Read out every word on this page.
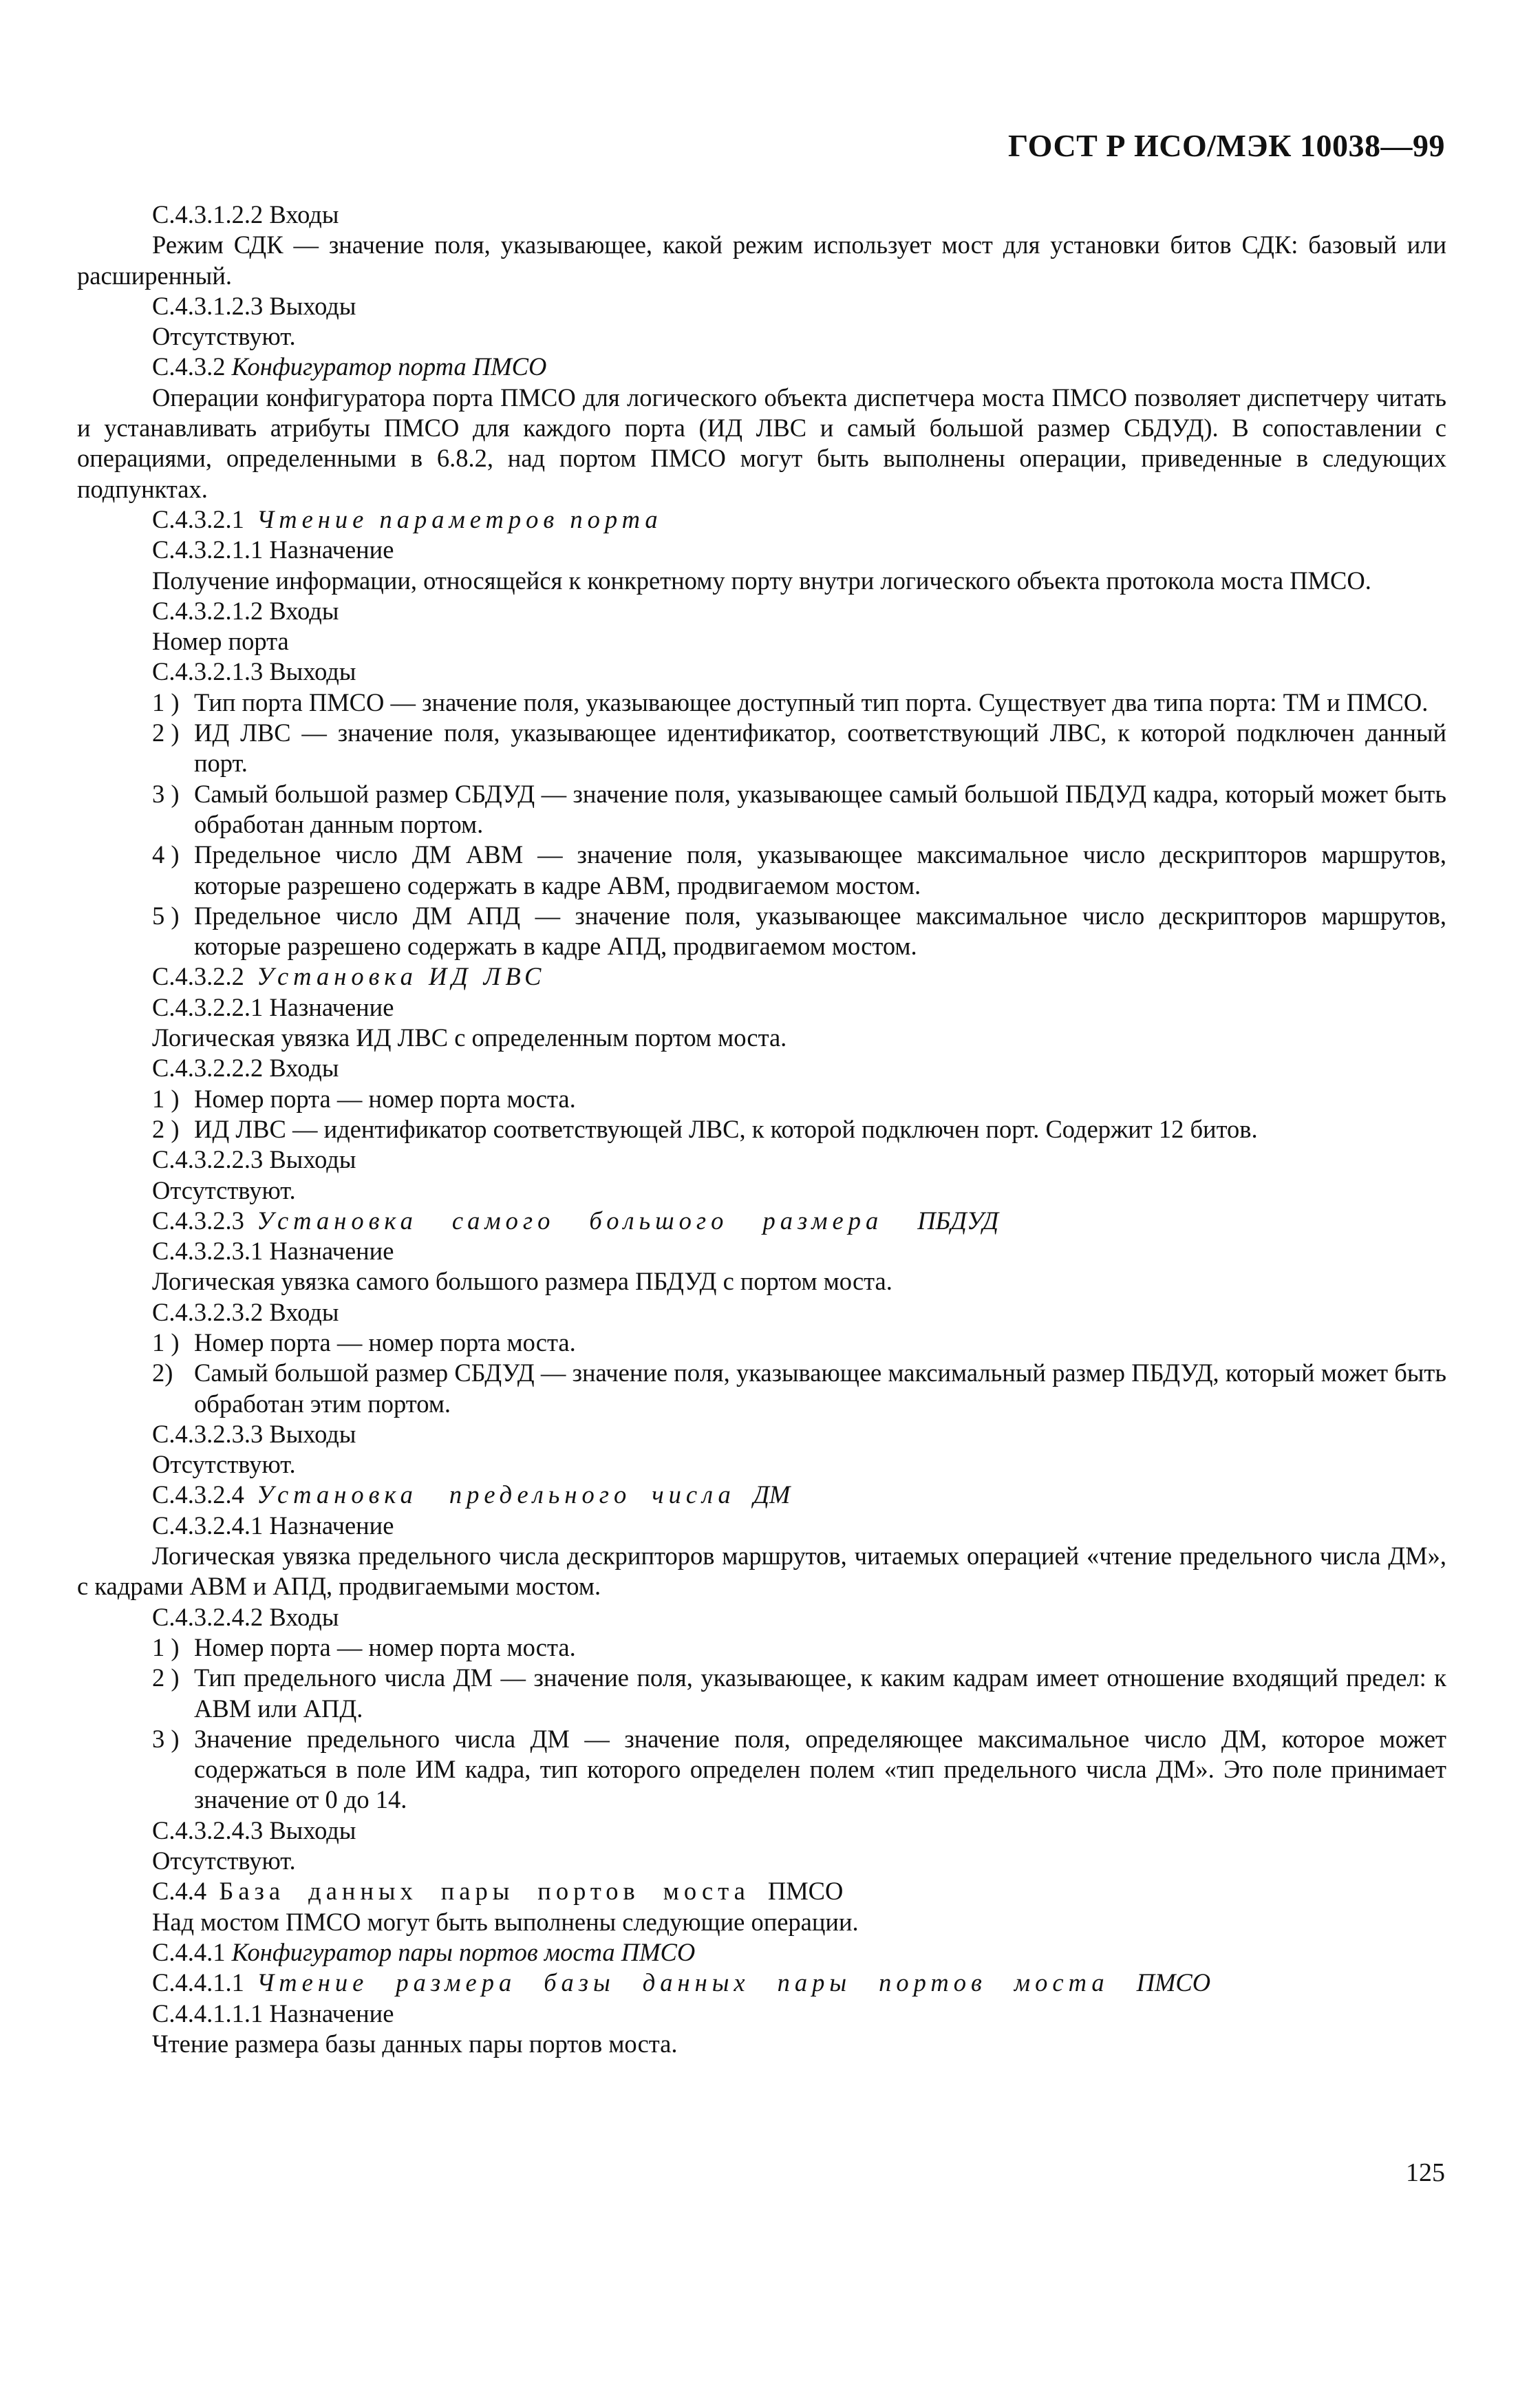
ГОСТ Р ИСО/МЭК 10038—99

С.4.3.1.2.2 Входы

Режим СДК — значение поля, указывающее, какой режим использует мост для установки битов СДК: базовый или расширенный.

С.4.3.1.2.3 Выходы

Отсутствуют.

С.4.3.2 Конфигуратор порта ПМСО

Операции конфигуратора порта ПМСО для логического объекта диспетчера моста ПМСО позволяет диспетчеру читать и устанавливать атрибуты ПМСО для каждого порта (ИД ЛВС и самый большой размер СБДУД). В сопоставлении с операциями, определенными в 6.8.2, над портом ПМСО могут быть выполнены операции, приведенные в следующих подпунктах.

С.4.3.2.1 Чтение параметров порта

С.4.3.2.1.1 Назначение

Получение информации, относящейся к конкретному порту внутри логического объекта протокола моста ПМСО.

С.4.3.2.1.2 Входы

Номер порта

С.4.3.2.1.3 Выходы

1 ) Тип порта ПМСО — значение поля, указывающее доступный тип порта. Существует два типа порта: ТМ и ПМСО.
2 ) ИД ЛВС — значение поля, указывающее идентификатор, соответствующий ЛВС, к которой подключен данный порт.
3 ) Самый большой размер СБДУД — значение поля, указывающее самый большой ПБДУД кадра, который может быть обработан данным портом.
4 ) Предельное число ДМ АВМ — значение поля, указывающее максимальное число дескрипторов маршрутов, которые разрешено содержать в кадре АВМ, продвигаемом мостом.
5 ) Предельное число ДМ АПД — значение поля, указывающее максимальное число дескрипторов маршрутов, которые разрешено содержать в кадре АПД, продвигаемом мостом.

С.4.3.2.2 Установка ИД ЛВС

С.4.3.2.2.1 Назначение

Логическая увязка ИД ЛВС с определенным портом моста.

С.4.3.2.2.2 Входы

1 ) Номер порта — номер порта моста.
2 ) ИД ЛВС — идентификатор соответствующей ЛВС, к которой подключен порт. Содержит 12 битов.

С.4.3.2.2.3 Выходы

Отсутствуют.

С.4.3.2.3 Установка самого большого размера ПБДУД

С.4.3.2.3.1 Назначение

Логическая увязка самого большого размера ПБДУД с портом моста.

С.4.3.2.3.2 Входы

1 ) Номер порта — номер порта моста.
2) Самый большой размер СБДУД — значение поля, указывающее максимальный размер ПБДУД, который может быть обработан этим портом.

С.4.3.2.3.3 Выходы

Отсутствуют.

С.4.3.2.4 Установка предельного числа ДМ

С.4.3.2.4.1 Назначение

Логическая увязка предельного числа дескрипторов маршрутов, читаемых операцией «чтение предельного числа ДМ», с кадрами АВМ и АПД, продвигаемыми мостом.

С.4.3.2.4.2 Входы

1 ) Номер порта — номер порта моста.
2 ) Тип предельного числа ДМ — значение поля, указывающее, к каким кадрам имеет отношение входящий предел: к АВМ или АПД.
3 ) Значение предельного числа ДМ — значение поля, определяющее максимальное число ДМ, которое может содержаться в поле ИМ кадра, тип которого определен полем «тип предельного числа ДМ». Это поле принимает значение от 0 до 14.

С.4.3.2.4.3 Выходы

Отсутствуют.

С.4.4 База данных пары портов моста ПМСО

Над мостом ПМСО могут быть выполнены следующие операции.

С.4.4.1 Конфигуратор пары портов моста ПМСО

С.4.4.1.1 Чтение размера базы данных пары портов моста ПМСО

С.4.4.1.1.1 Назначение

Чтение размера базы данных пары портов моста.

125
